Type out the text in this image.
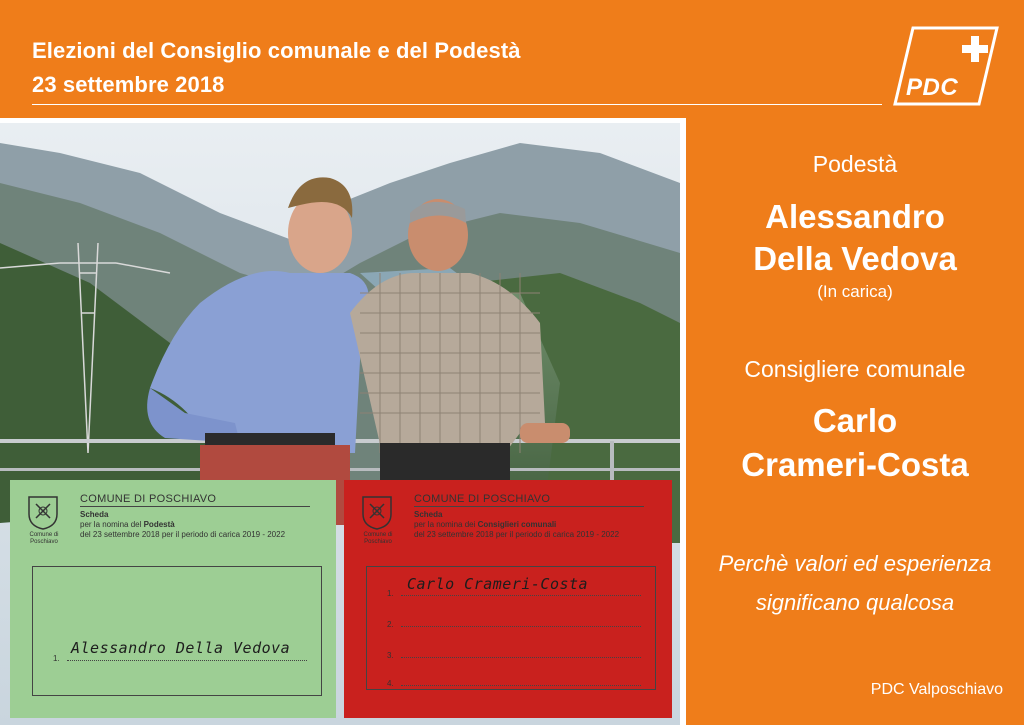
Elezioni del Consiglio comunale e del Podestà
23 settembre 2018	PDC
Comune di Poschiavo
COMUNE DI POSCHIAVO
Scheda
per la nomina del Podestà
del 23 settembre 2018 per il periodo di carica 2019 - 2022
1.
Alessandro Della Vedova
Comune di Poschiavo
COMUNE DI POSCHIAVO
Scheda
per la nomina dei Consiglieri comunali
del 23 settembre 2018 per il periodo di carica 2019 - 2022
1.
Carlo Crameri-Costa
2.
3.
4.
Podestà
Alessandro
Della Vedova
(In carica)
Consigliere comunale
Carlo
Crameri-Costa
Perchè valori ed esperienza
significano qualcosa
PDC Valposchiavo
